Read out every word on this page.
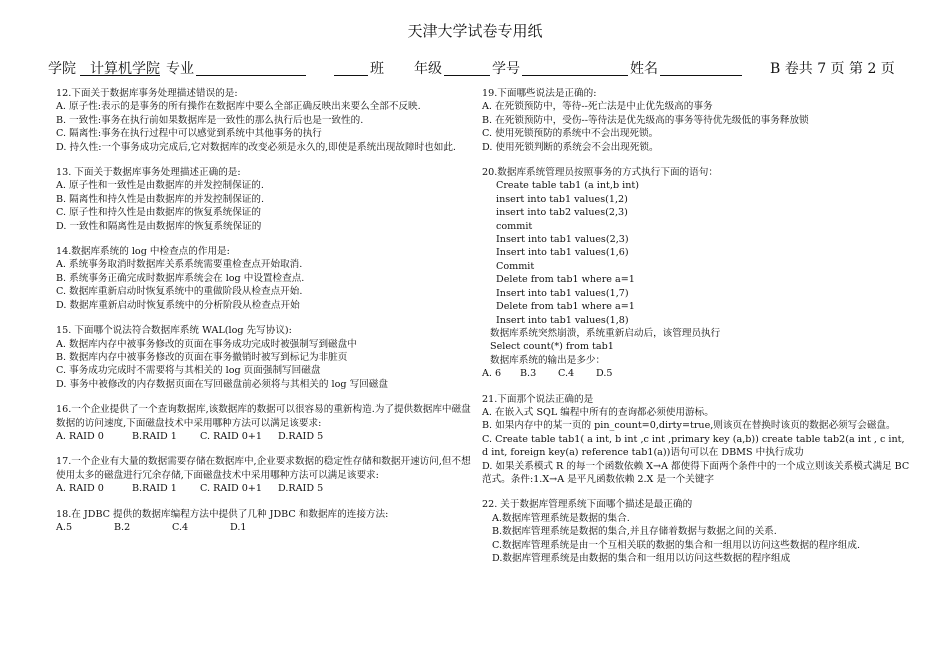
天津大学试卷专用纸
学院 计算机学院 专业	班 年级	学号	姓名	B 卷共 7 页 第 2 页
12.下面关于数据库事务处理描述错误的是:
A. 原子性:表示的是事务的所有操作在数据库中要么全部正确反映出来要么全部不反映.
B. 一致性:事务在执行前如果数据库是一致性的那么执行后也是一致性的.
C. 隔离性:事务在执行过程中可以感觉到系统中其他事务的执行
D. 持久性:一个事务成功完成后,它对数据库的改变必须是永久的,即使是系统出现故障时也如此.
13. 下面关于数据库事务处理描述正确的是:
A. 原子性和一致性是由数据库的并发控制保证的.
B. 隔离性和持久性是由数据库的并发控制保证的.
C. 原子性和持久性是由数据库的恢复系统保证的
D. 一致性和隔离性是由数据库的恢复系统保证的
14.数据库系统的 log 中检查点的作用是:
A. 系统事务取消时数据库关系系统需要重检查点开始取消.
B. 系统事务正确完成时数据库系统会在 log 中设置检查点.
C. 数据库重新启动时恢复系统中的重做阶段从检查点开始.
D. 数据库重新启动时恢复系统中的分析阶段从检查点开始
15. 下面哪个说法符合数据库系统 WAL(log 先写协议):
A. 数据库内存中被事务修改的页面在事务成功完成时被强制写到磁盘中
B. 数据库内存中被事务修改的页面在事务撤销时被写到标记为非脏页
C. 事务成功完成时不需要将与其相关的 log 页面强制写回磁盘
D. 事务中被修改的内存数据页面在写回磁盘前必须将与其相关的 log 写回磁盘
16.一个企业提供了一个查询数据库,该数据库的数据可以很容易的重新构造.为了提供数据库中磁盘数据的访问速度,下面磁盘技术中采用哪种方法可以满足该要求:
A. RAID 0	B.RAID 1 C. RAID 0+1 D.RAID 5
17.一个企业有大量的数据需要存储在数据库中,企业要求数据的稳定性存储和数据开速访问,但不想使用太多的磁盘进行冗余存储,下面磁盘技术中采用哪种方法可以满足该要求:
A. RAID 0	B.RAID 1 C. RAID 0+1 D.RAID 5
18.在 JDBC 提供的数据库编程方法中提供了几种 JDBC 和数据库的连接方法:
A.5	B.2	C.4	D.1
19.下面哪些说法是正确的:
A. 在死锁预防中，等待--死亡法是中止优先级高的事务
B. 在死锁预防中，受伤--等待法是优先级高的事务等待优先级低的事务释放锁
C. 使用死锁预防的系统中不会出现死锁。
D. 使用死锁判断的系统会不会出现死锁。
20.数据库系统管理员按照事务的方式执行下面的语句：
Create table tab1 (a int,b int)
insert into tab1 values(1,2)
insert into tab2 values(2,3)
commit
Insert into tab1 values(2,3)
Insert into tab1 values(1,6)
Commit
Delete from tab1 where a=1
Insert into tab1 values(1,7)
Delete from tab1 where a=1
Insert into tab1 values(1,8)
数据库系统突然崩溃，系统重新启动后，该管理员执行
Select count(*) from tab1
数据库系统的输出是多少：
A. 6 B.3 C.4 D.5
21.下面那个说法正确的是
A. 在嵌入式 SQL 编程中所有的查询都必须使用游标。
B. 如果内存中的某一页的 pin_count=0,dirty=true,则该页在替换时该页的数据必须写会磁盘。
C. Create table tab1( a int, b int ,c int ,primary key (a,b)) create table tab2(a int , c int, d int, foreign key(a) reference tab1(a))语句可以在 DBMS 中执行成功
D. 如果关系模式 R 的每一个函数依赖 X→A 都使得下面两个条件中的一个成立则该关系模式满足 BC 范式。条件:1.X→A 是平凡函数依赖 2.X 是一个关键字
22. 关于数据库管理系统下面哪个描述是最正确的
A.数据库管理系统是数据的集合.
B.数据库管理系统是数据的集合,并且存储着数据与数据之间的关系.
C.数据库管理系统是由一个互相关联的数据的集合和一组用以访问这些数据的程序组成.
D.数据库管理系统是由数据的集合和一组用以访问这些数据的程序组成
